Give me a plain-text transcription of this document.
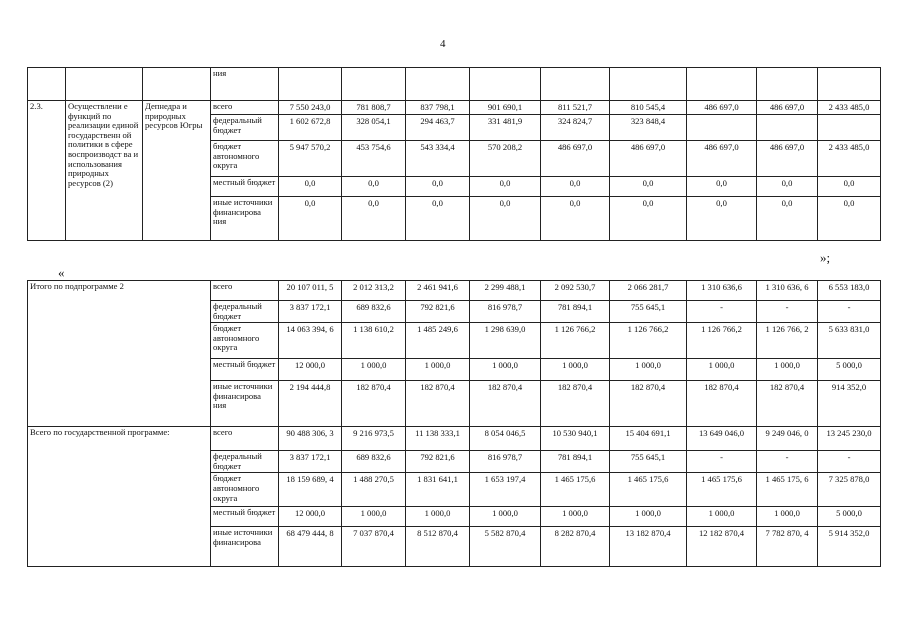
4
			ния									
2.3.	Осуществлени е функций по реализации единой государственн ой политики в сфере воспроизводст ва и использования природных ресурсов (2)	Депнедра и природных ресурсов Югры	всего	7 550 243,0	781 808,7	837 798,1	901 690,1	811 521,7	810 545,4	486 697,0	486 697,0	2 433 485,0
			федеральный бюджет	1 602 672,8	328 054,1	294 463,7	331 481,9	324 824,7	323 848,4			
			бюджет автономного округа	5 947 570,2	453 754,6	543 334,4	570 208,2	486 697,0	486 697,0	486 697,0	486 697,0	2 433 485,0
			местный бюджет	0,0	0,0	0,0	0,0	0,0	0,0	0,0	0,0	0,0
			иные источники финансирова ния	0,0	0,0	0,0	0,0	0,0	0,0	0,0	0,0	0,0
»;
«
Итого по подпрограмме 2	всего	20 107 011, 5	2 012 313,2	2 461 941,6	2 299 488,1	2 092 530,7	2 066 281,7	1 310 636,6	1 310 636, 6	6 553 183,0
	федеральный бюджет	3 837 172,1	689 832,6	792 821,6	816 978,7	781 894,1	755 645,1	-	-	-
	бюджет автономного округа	14 063 394, 6	1 138 610,2	1 485 249,6	1 298 639,0	1 126 766,2	1 126 766,2	1 126 766,2	1 126 766, 2	5 633 831,0
	местный бюджет	12 000,0	1 000,0	1 000,0	1 000,0	1 000,0	1 000,0	1 000,0	1 000,0	5 000,0
	иные источники финансирова ния	2 194 444,8	182 870,4	182 870,4	182 870,4	182 870,4	182 870,4	182 870,4	182 870,4	914 352,0
Всего по государственной программе:	всего	90 488 306, 3	9 216 973,5	11 138 333,1	8 054 046,5	10 530 940,1	15 404 691,1	13 649 046,0	9 249 046, 0	13 245 230,0
	федеральный бюджет	3 837 172,1	689 832,6	792 821,6	816 978,7	781 894,1	755 645,1	-	-	-
	бюджет автономного округа	18 159 689, 4	1 488 270,5	1 831 641,1	1 653 197,4	1 465 175,6	1 465 175,6	1 465 175,6	1 465 175, 6	7 325 878,0
	местный бюджет	12 000,0	1 000,0	1 000,0	1 000,0	1 000,0	1 000,0	1 000,0	1 000,0	5 000,0
	иные источники финансирова	68 479 444, 8	7 037 870,4	8 512 870,4	5 582 870,4	8 282 870,4	13 182 870,4	12 182 870,4	7 782 870, 4	5 914 352,0
